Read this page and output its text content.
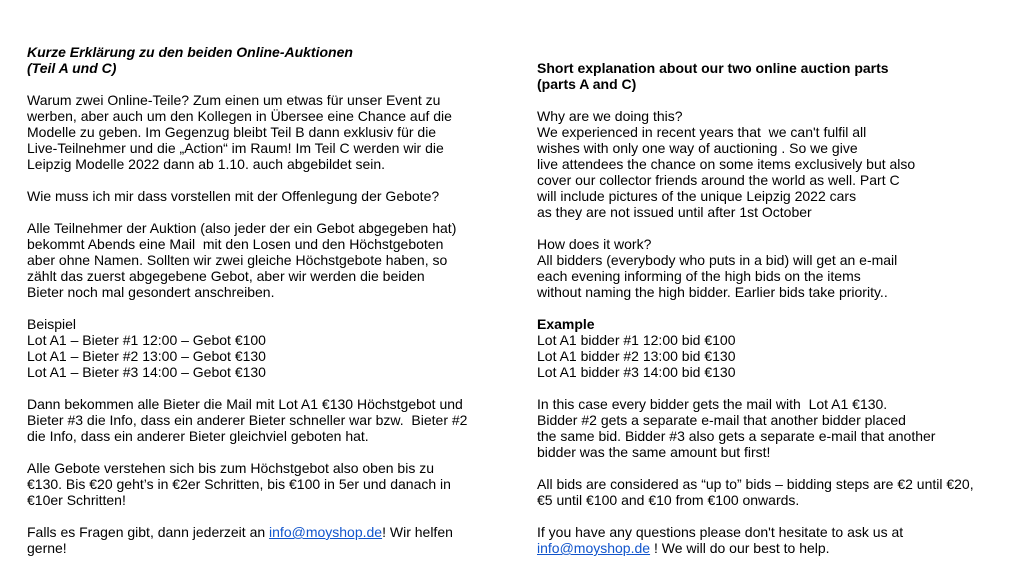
Kurze Erklärung zu den beiden Online-Auktionen
(Teil A und C)
Warum zwei Online-Teile? Zum einen um etwas für unser Event zu
werben, aber auch um den Kollegen in Übersee eine Chance auf die
Modelle zu geben. Im Gegenzug bleibt Teil B dann exklusiv für die
Live-Teilnehmer und die „Action“ im Raum! Im Teil C werden wir die
Leipzig Modelle 2022 dann ab 1.10. auch abgebildet sein.
Wie muss ich mir dass vorstellen mit der Offenlegung der Gebote?
Alle Teilnehmer der Auktion (also jeder der ein Gebot abgegeben hat)
bekommt Abends eine Mail  mit den Losen und den Höchstgeboten
aber ohne Namen. Sollten wir zwei gleiche Höchstgebote haben, so
zählt das zuerst abgegebene Gebot, aber wir werden die beiden
Bieter noch mal gesondert anschreiben.
Beispiel
Lot A1 – Bieter #1 12:00 – Gebot €100
Lot A1 – Bieter #2 13:00 – Gebot €130
Lot A1 – Bieter #3 14:00 – Gebot €130
Dann bekommen alle Bieter die Mail mit Lot A1 €130 Höchstgebot und
Bieter #3 die Info, dass ein anderer Bieter schneller war bzw.  Bieter #2
die Info, dass ein anderer Bieter gleichviel geboten hat.
Alle Gebote verstehen sich bis zum Höchstgebot also oben bis zu
€130. Bis €20 geht’s in €2er Schritten, bis €100 in 5er und danach in
€10er Schritten!
Falls es Fragen gibt, dann jederzeit an info@moyshop.de! Wir helfen
gerne!
Short explanation about our two online auction parts
(parts A and C)
Why are we doing this?
We experienced in recent years that  we can't fulfil all
wishes with only one way of auctioning . So we give
live attendees the chance on some items exclusively but also
cover our collector friends around the world as well. Part C
will include pictures of the unique Leipzig 2022 cars
as they are not issued until after 1st October
How does it work?
All bidders (everybody who puts in a bid) will get an e-mail
each evening informing of the high bids on the items
without naming the high bidder. Earlier bids take priority..
Example
Lot A1 bidder #1 12:00 bid €100
Lot A1 bidder #2 13:00 bid €130
Lot A1 bidder #3 14:00 bid €130
In this case every bidder gets the mail with  Lot A1 €130.
Bidder #2 gets a separate e-mail that another bidder placed
the same bid. Bidder #3 also gets a separate e-mail that another
bidder was the same amount but first!
All bids are considered as “up to” bids – bidding steps are €2 until €20,
€5 until €100 and €10 from €100 onwards.
If you have any questions please don't hesitate to ask us at
info@moyshop.de ! We will do our best to help.
